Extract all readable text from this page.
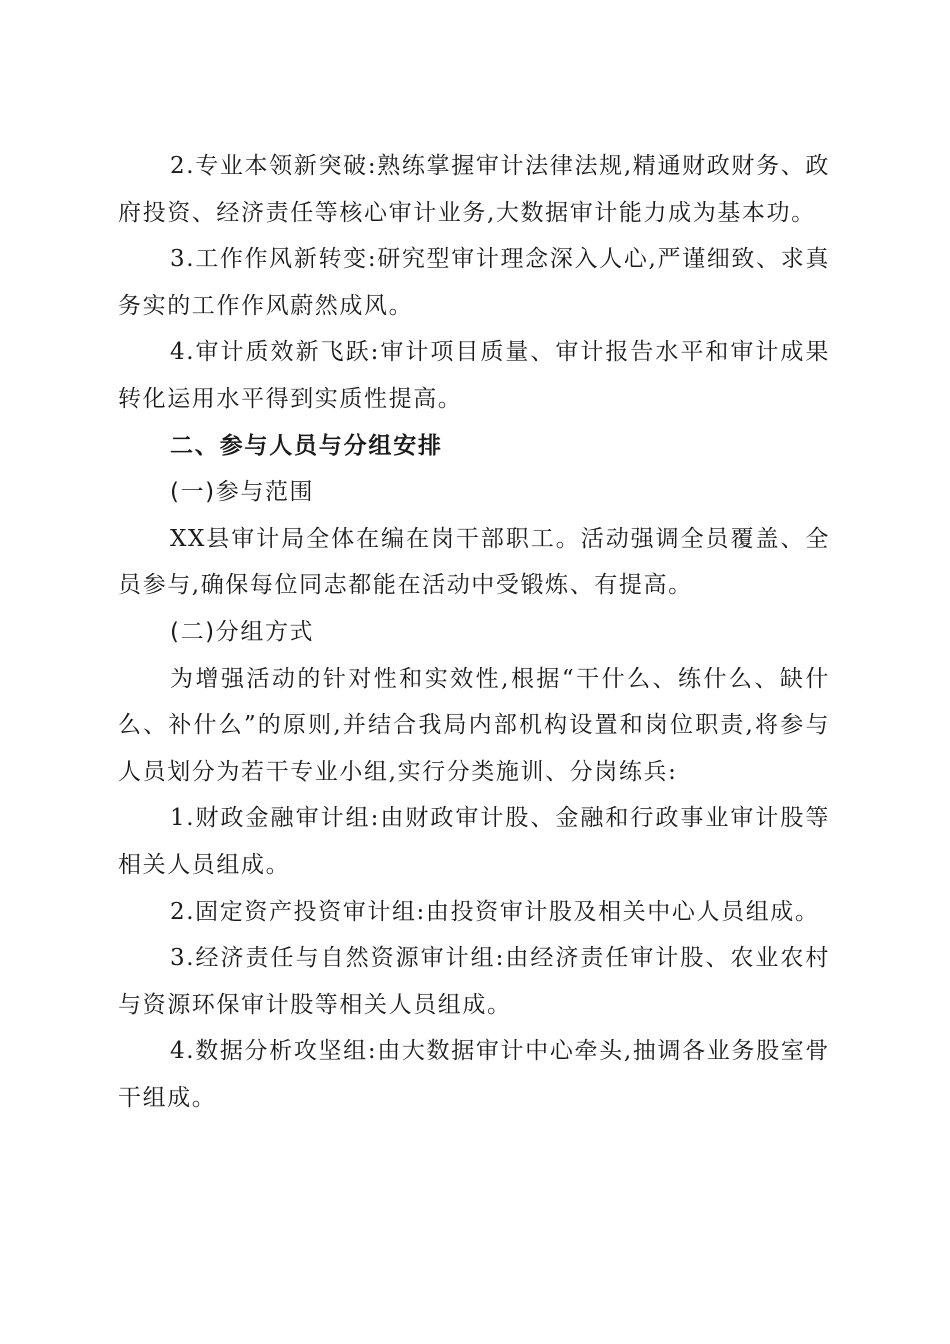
2.专业本领新突破:熟练掌握审计法律法规,精通财政财务、政府投资、经济责任等核心审计业务,大数据审计能力成为基本功。

3.工作作风新转变:研究型审计理念深入人心,严谨细致、求真务实的工作作风蔚然成风。

4.审计质效新飞跃:审计项目质量、审计报告水平和审计成果转化运用水平得到实质性提高。

二、参与人员与分组安排

(一)参与范围

XX县审计局全体在编在岗干部职工。活动强调全员覆盖、全员参与,确保每位同志都能在活动中受锻炼、有提高。

(二)分组方式

为增强活动的针对性和实效性,根据“干什么、练什么、缺什么、补什么”的原则,并结合我局内部机构设置和岗位职责,将参与人员划分为若干专业小组,实行分类施训、分岗练兵:

1.财政金融审计组:由财政审计股、金融和行政事业审计股等相关人员组成。

2.固定资产投资审计组:由投资审计股及相关中心人员组成。

3.经济责任与自然资源审计组:由经济责任审计股、农业农村与资源环保审计股等相关人员组成。

4.数据分析攻坚组:由大数据审计中心牵头,抽调各业务股室骨干组成。
